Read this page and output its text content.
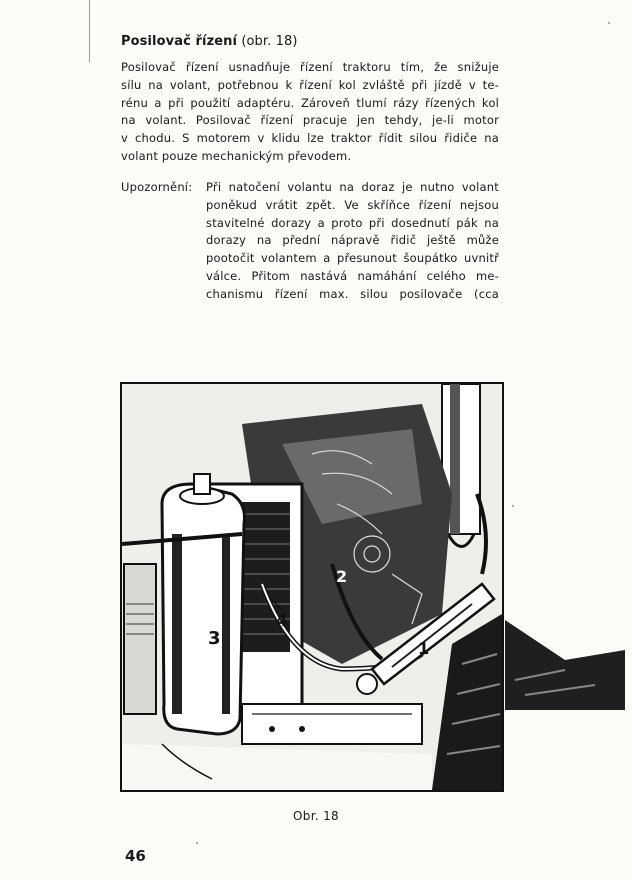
Posilovač řízení (obr. 18)
Posilovač řízení usnadňuje řízení traktoru tím, že snižuje
sílu na volant, potřebnou k řízení kol zvláště při jízdě v te-
rénu a při použití adaptéru. Zároveň tlumí rázy řízených kol
na volant. Posilovač řízení pracuje jen tehdy, je-li motor
v chodu. S motorem v klidu lze traktor řídit silou řidiče na
volant pouze mechanickým převodem.
Upozornění: Při natočení volantu na doraz je nutno volant
poněkud vrátit zpět. Ve skříňce řízení nejsou
stavitelné dorazy a proto při dosednutí pák na
dorazy na přední nápravě řidič ještě může
pootočit volantem a přesunout šoupátko uvnitř
válce. Přitom nastává namáhání celého me-
chanismu řízení max. silou posilovače (cca
3
4
2
1
Obr. 18
46
